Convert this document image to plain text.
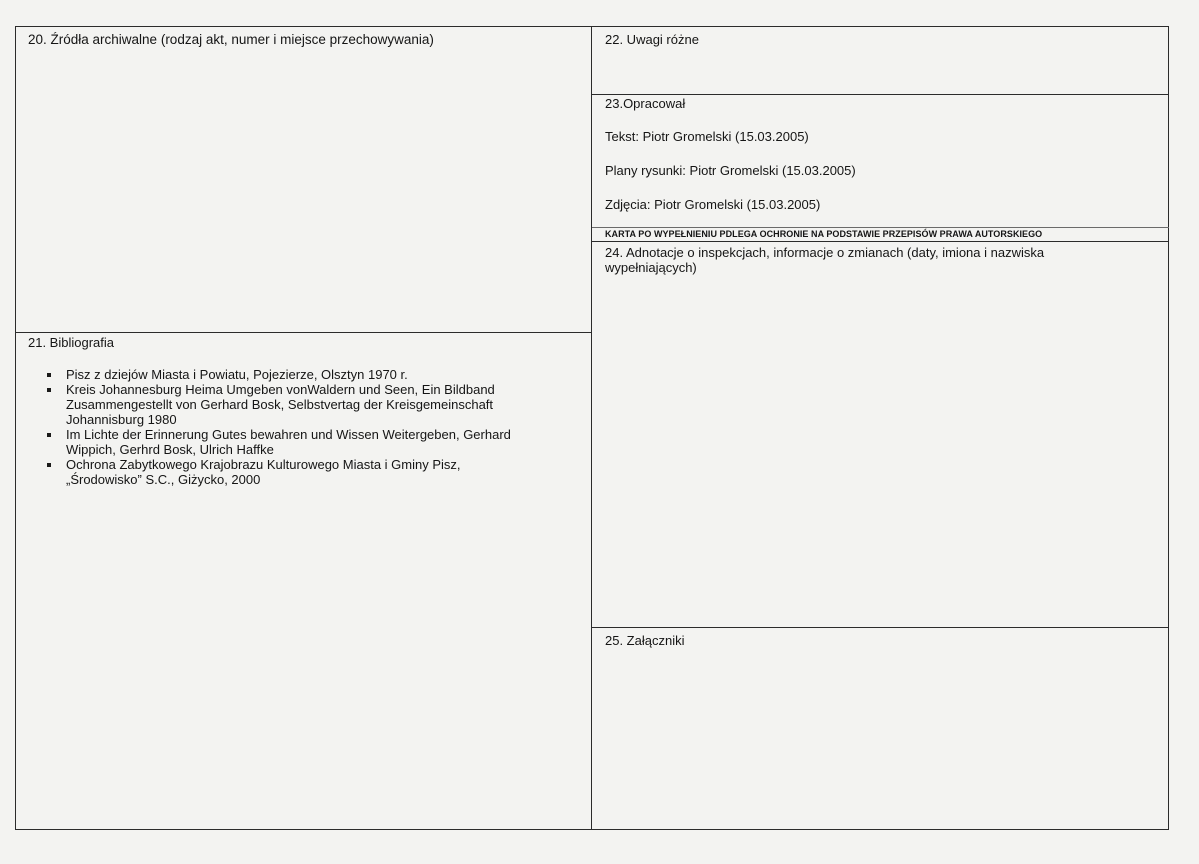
20. Źródła archiwalne (rodzaj akt, numer i miejsce przechowywania)	22. Uwagi różne
23.Opracował
Tekst: Piotr Gromelski (15.03.2005)
Plany rysunki: Piotr Gromelski (15.03.2005)
Zdjęcia: Piotr Gromelski (15.03.2005)
KARTA PO WYPEŁNIENIU PDLEGA OCHRONIE NA PODSTAWIE PRZEPISÓW PRAWA AUTORSKIEGO
24. Adnotacje o inspekcjach, informacje o zmianach (daty, imiona i nazwiska
wypełniających)
21. Bibliografia
Pisz z dziejów Miasta i Powiatu, Pojezierze, Olsztyn 1970 r.
Kreis Johannesburg Heima Umgeben vonWaldern und Seen, Ein Bildband
Zusammengestellt von Gerhard Bosk, Selbstvertag der Kreisgemeinschaft
Johannisburg 1980
Im Lichte der Erinnerung Gutes bewahren und Wissen Weitergeben, Gerhard
Wippich, Gerhrd Bosk, Ulrich Haffke
Ochrona Zabytkowego Krajobrazu Kulturowego Miasta i Gminy Pisz,
„Środowisko” S.C., Giżycko, 2000
25. Załączniki
